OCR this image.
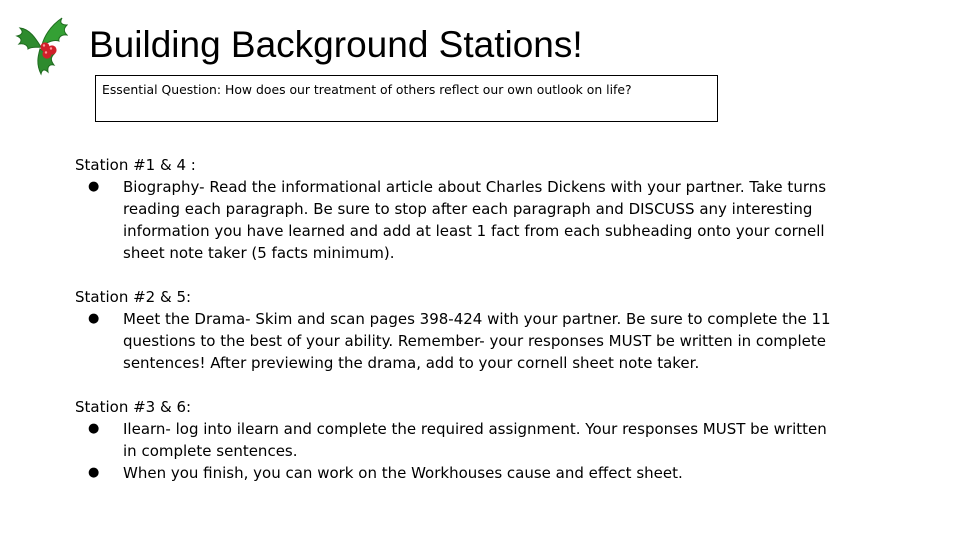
Building Background Stations!
Essential Question: How does our treatment of others reflect our own outlook on life?
Station #1 & 4 :
● Biography- Read the informational article about Charles Dickens with your partner. Take turns reading each paragraph. Be sure to stop after each paragraph and DISCUSS any interesting information you have learned and add at least 1 fact from each subheading onto your cornell sheet note taker (5 facts minimum).
Station #2 & 5:
● Meet the Drama- Skim and scan pages 398-424 with your partner. Be sure to complete the 11 questions to the best of your ability. Remember- your responses MUST be written in complete sentences! After previewing the drama, add to your cornell sheet note taker.
Station #3 & 6:
● Ilearn- log into ilearn and complete the required assignment. Your responses MUST be written in complete sentences.
● When you finish, you can work on the Workhouses cause and effect sheet.
